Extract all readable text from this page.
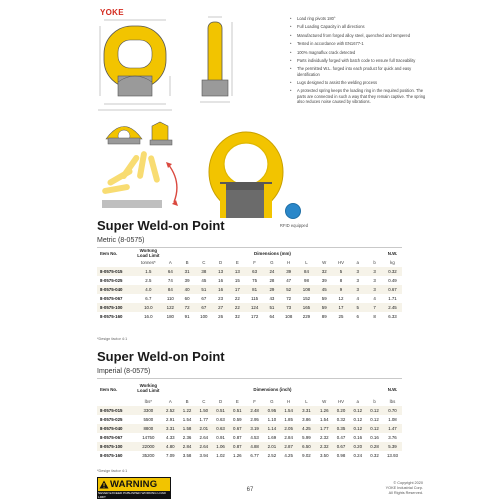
YOKE
• Load ring pivots 180°
• Full Loading Capacity in all directions
• Manufactured from forged alloy steel, quenched and tempered
• Tested in accordance with EN1677-1
• 100% magnaflux crack detected
• Parts individually forged with batch code to ensure full traceability
• The permitted W.L. forged into each product for quick and easy identification
• Lugs designed to assist the welding process
• A protected spring keeps the loading ring in the required position. The parts are connected in such a way that they remain captive. The spring also reduces noise caused by vibrations.
RFID equipped
Super Weld-on Point
Metric (8-0575)
Item No.	Working Load Limit	Dimensions (mm)													N.W.
	tonnes*	A	B	C	D	E	F	G	H	L	W	HV	a	b	kg
8-0575-015	1.5	64	31	38	13	13	63	24	39	84	32	5	3	3	0.32
8-0575-025	2.5	74	39	45	16	15	75	28	47	98	39	8	3	3	0.49
8-0575-040	4.0	84	40	51	16	17	81	29	52	108	45	9	3	3	0.67
8-0575-067	6.7	110	60	67	23	22	115	43	72	152	59	12	4	4	1.71
8-0575-100	10.0	122	72	67	27	22	124	51	73	165	59	17	5	7	2.45
8-0575-160	16.0	180	91	100	26	32	172	64	108	229	89	25	6	8	6.33
*Design factor 4:1
Super Weld-on Point
Imperial (8-0575)
Item No.	Working Load Limit	Dimensions (inch)													N.W.
	lbs*	A	B	C	D	E	F	G	H	L	W	HV	a	b	lbs
8-0575-015	3300	2.52	1.22	1.50	0.51	0.51	2.48	0.95	1.54	3.31	1.26	0.20	0.12	0.12	0.70
8-0575-025	5500	2.91	1.54	1.77	0.63	0.59	2.95	1.10	1.85	3.86	1.54	0.32	0.12	0.12	1.08
8-0575-040	8800	3.31	1.58	2.01	0.63	0.67	3.19	1.14	2.05	4.25	1.77	0.35	0.12	0.12	1.47
8-0575-067	14750	4.33	2.36	2.64	0.91	0.87	4.53	1.69	2.84	5.99	2.32	0.47	0.16	0.16	3.76
8-0575-100	22000	4.80	2.84	2.64	1.06	0.87	4.88	2.01	2.87	6.50	2.32	0.67	0.20	0.28	5.39
8-0575-160	35200	7.09	3.58	3.94	1.02	1.26	6.77	2.52	4.25	9.02	3.50	0.98	0.24	0.32	13.93
*Design factor 4:1
WARNING
NEVER EXCEED PUBLISHED WORKING LOAD LIMIT
67
© Copyright 2020
YOKE Industrial Corp.
All Rights Reserved.
